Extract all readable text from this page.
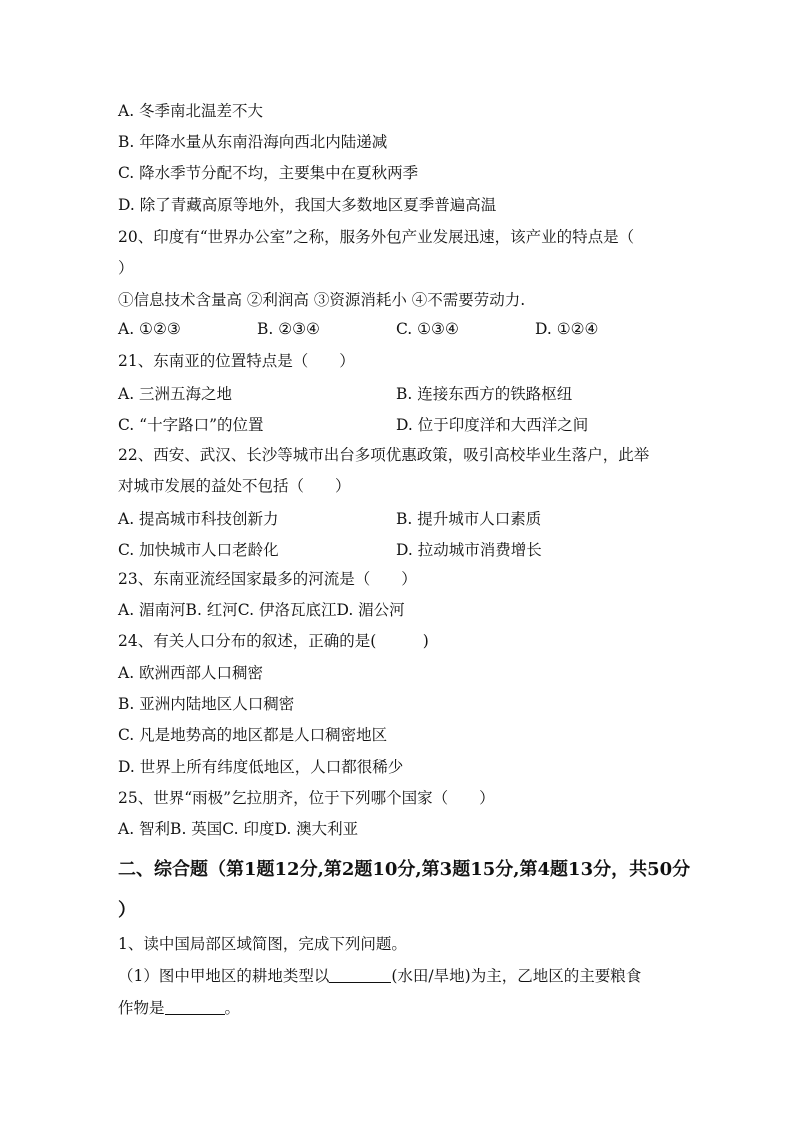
A. 冬季南北温差不大
B. 年降水量从东南沿海向西北内陆递减
C. 降水季节分配不均，主要集中在夏秋两季
D. 除了青藏高原等地外，我国大多数地区夏季普遍高温
20、印度有“世界办公室”之称，服务外包产业发展迅速，该产业的特点是（
）
①信息技术含量高 ②利润高 ③资源消耗小 ④不需要劳动力.
A. ①②③	B. ②③④	C. ①③④	D. ①②④
21、东南亚的位置特点是（　　）
A. 三洲五海之地	B. 连接东西方的铁路枢纽
C. “十字路口”的位置	D. 位于印度洋和大西洋之间
22、西安、武汉、长沙等城市出台多项优惠政策，吸引高校毕业生落户，此举
对城市发展的益处不包括（　　）
A. 提高城市科技创新力	B. 提升城市人口素质
C. 加快城市人口老龄化	D. 拉动城市消费增长
23、东南亚流经国家最多的河流是（　　）
A. 湄南河B. 红河C. 伊洛瓦底江D. 湄公河
24、有关人口分布的叙述，正确的是(　　　)
A. 欧洲西部人口稠密
B. 亚洲内陆地区人口稠密
C. 凡是地势高的地区都是人口稠密地区
D. 世界上所有纬度低地区，人口都很稀少
25、世界“雨极”乞拉朋齐，位于下列哪个国家（　　）
A. 智利B. 英国C. 印度D. 澳大利亚
二、综合题（第1题12分,第2题10分,第3题15分,第4题13分，共50分
）
1、读中国局部区域简图，完成下列问题。
（1）图中甲地区的耕地类型以	(水田/旱地)为主，乙地区的主要粮食
作物是	。
